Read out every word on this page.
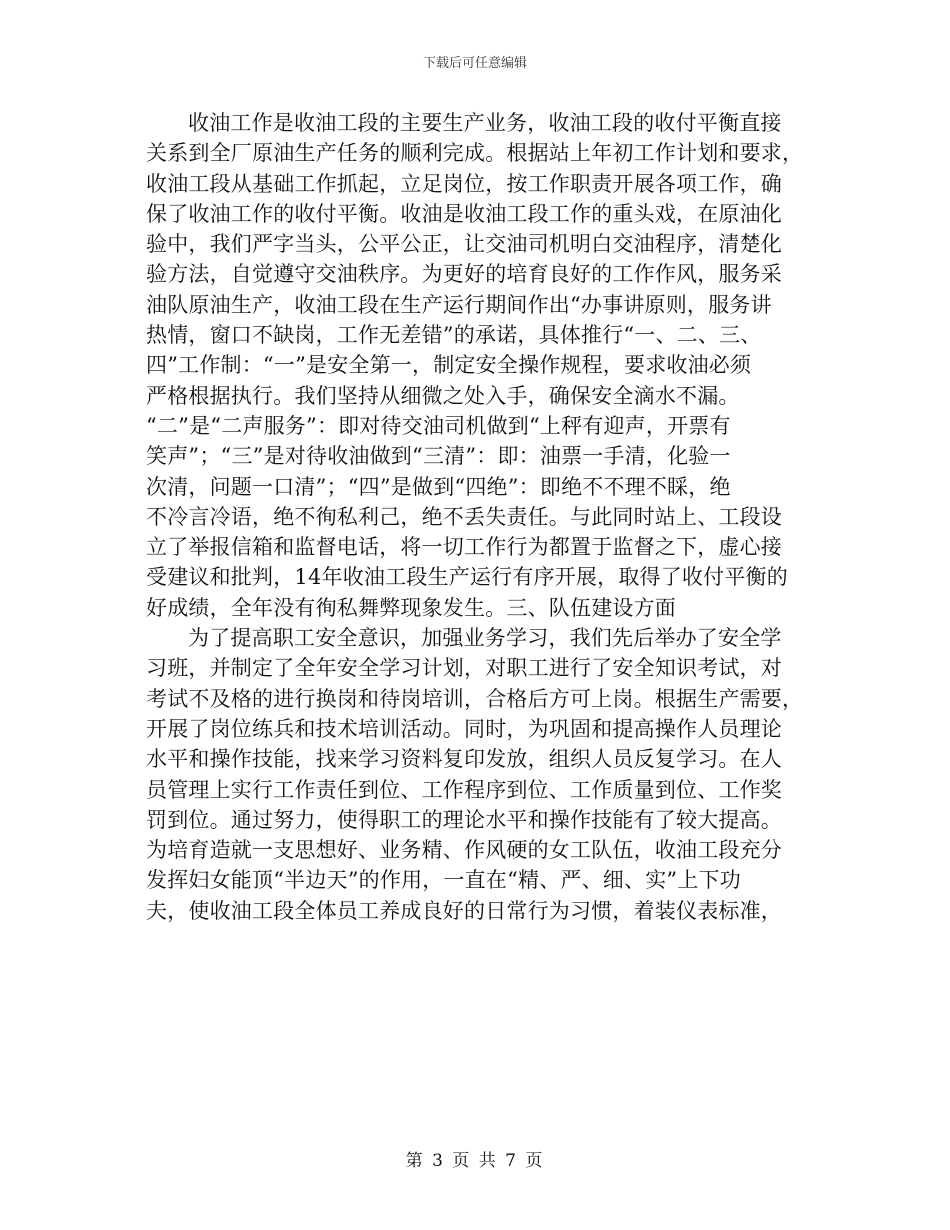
下载后可任意编辑
收油工作是收油工段的主要生产业务，收油工段的收付平衡直接
关系到全厂原油生产任务的顺利完成。根据站上年初工作计划和要求，
收油工段从基础工作抓起，立足岗位，按工作职责开展各项工作，确
保了收油工作的收付平衡。收油是收油工段工作的重头戏，在原油化
验中，我们严字当头，公平公正，让交油司机明白交油程序，清楚化
验方法，自觉遵守交油秩序。为更好的培育良好的工作作风，服务采
油队原油生产，收油工段在生产运行期间作出“办事讲原则，服务讲
热情，窗口不缺岗，工作无差错”的承诺，具体推行“一、二、三、
四”工作制：“一”是安全第一，制定安全操作规程，要求收油必须
严格根据执行。我们坚持从细微之处入手，确保安全滴水不漏。
“二”是“二声服务”：即对待交油司机做到“上秤有迎声，开票有
笑声”；“三”是对待收油做到“三清”：即：油票一手清，化验一
次清，问题一口清”；“四”是做到“四绝”：即绝不不理不睬，绝
不冷言冷语，绝不徇私利己，绝不丢失责任。与此同时站上、工段设
立了举报信箱和监督电话，将一切工作行为都置于监督之下，虚心接
受建议和批判，14年收油工段生产运行有序开展，取得了收付平衡的
好成绩，全年没有徇私舞弊现象发生。三、队伍建设方面
为了提高职工安全意识，加强业务学习，我们先后举办了安全学
习班，并制定了全年安全学习计划，对职工进行了安全知识考试，对
考试不及格的进行换岗和待岗培训，合格后方可上岗。根据生产需要，
开展了岗位练兵和技术培训活动。同时，为巩固和提高操作人员理论
水平和操作技能，找来学习资料复印发放，组织人员反复学习。在人
员管理上实行工作责任到位、工作程序到位、工作质量到位、工作奖
罚到位。通过努力，使得职工的理论水平和操作技能有了较大提高。
为培育造就一支思想好、业务精、作风硬的女工队伍，收油工段充分
发挥妇女能顶“半边天”的作用，一直在“精、严、细、实”上下功
夫，使收油工段全体员工养成良好的日常行为习惯，着装仪表标准，
第 3 页 共 7 页
